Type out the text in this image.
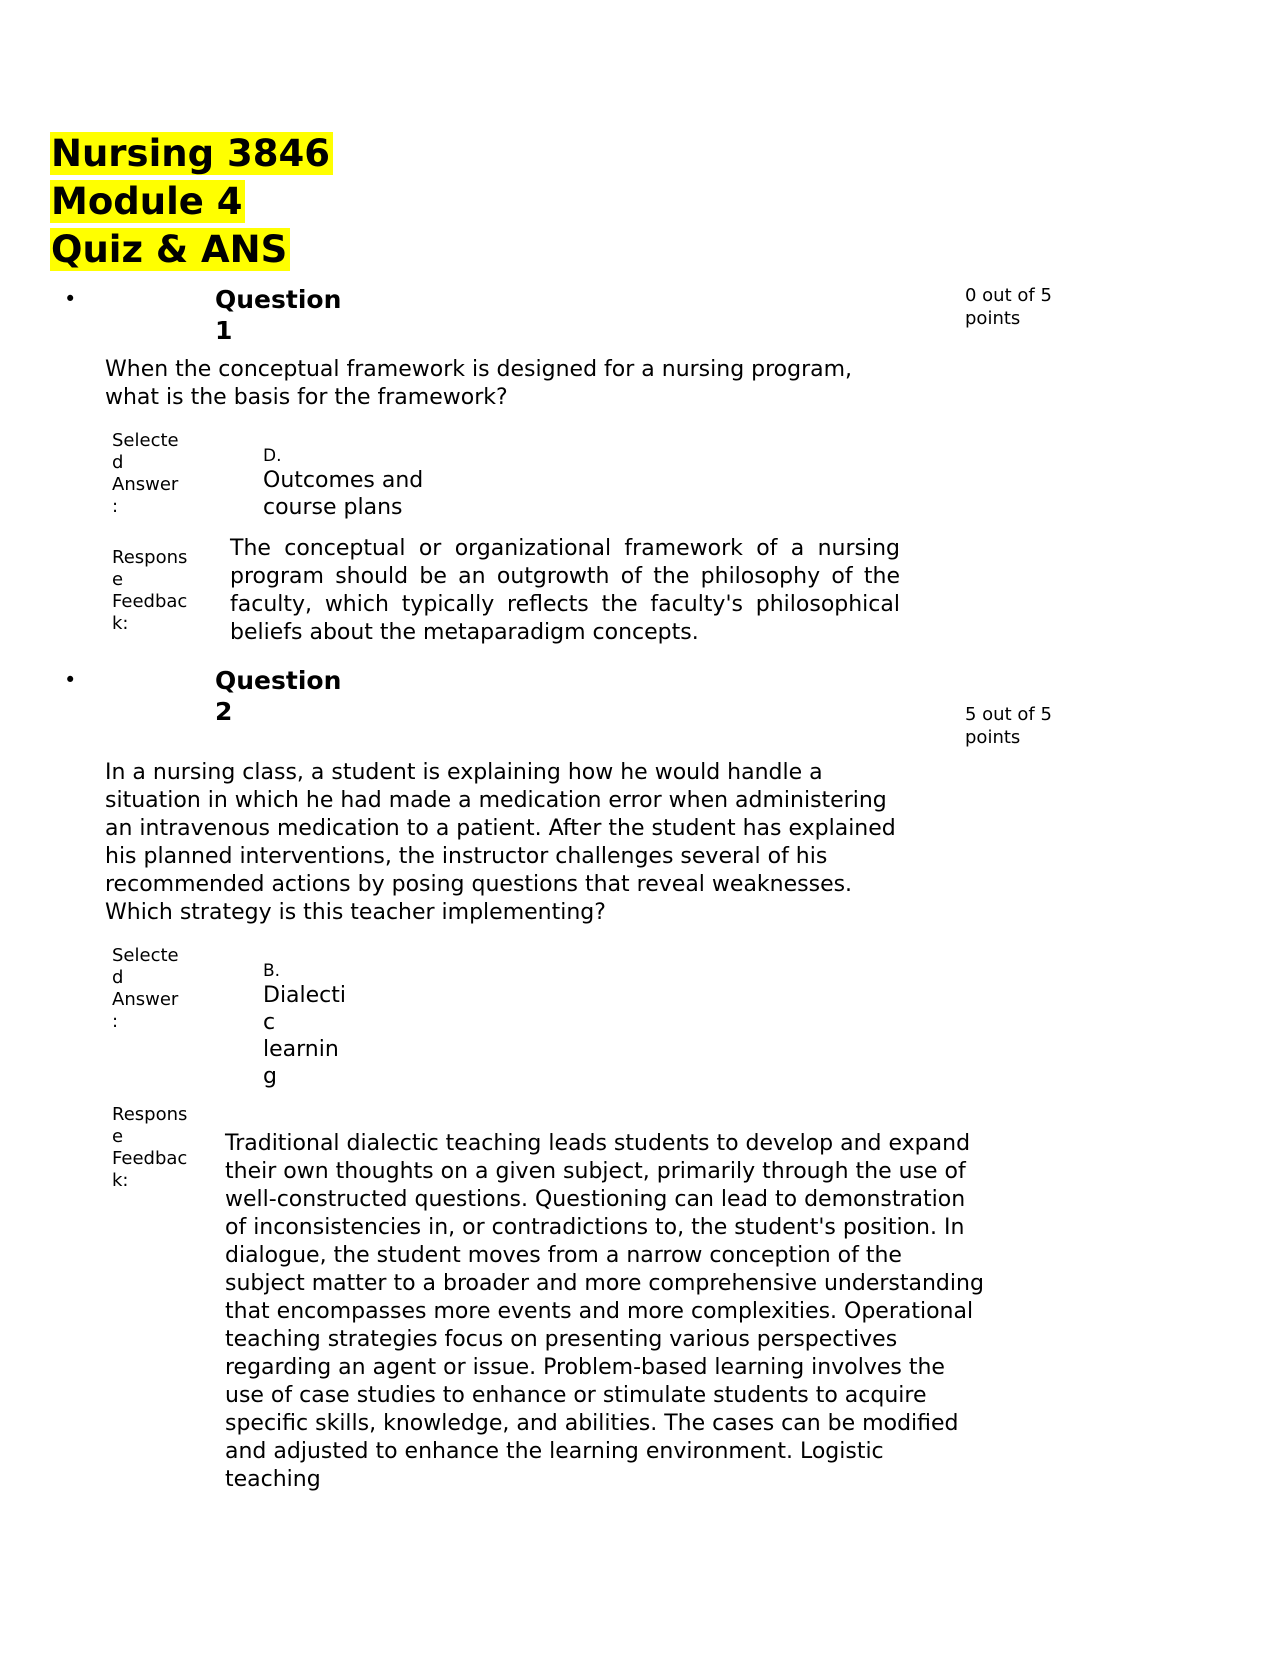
Nursing 3846
Module 4
Quiz & ANS
•	Question
1
0 out of 5 points

When the conceptual framework is designed for a nursing program, what is the basis for the framework?

Selected Answer:
D.
Outcomes and course plans
Response Feedback:
The conceptual or organizational framework of a nursing program should be an outgrowth of the philosophy of the faculty, which typically reflects the faculty's philosophical beliefs about the metaparadigm concepts.
•	Question
2	5 out of 5 points

In a nursing class, a student is explaining how he would handle a situation in which he had made a medication error when administering an intravenous medication to a patient. After the student has explained his planned interventions, the instructor challenges several of his recommended actions by posing questions that reveal weaknesses. Which strategy is this teacher implementing?

Selected Answer:
B.
Dialectic learning
Response Feedback:
Traditional dialectic teaching leads students to develop and expand their own thoughts on a given subject, primarily through the use of well-constructed questions. Questioning can lead to demonstration of inconsistencies in, or contradictions to, the student's position. In dialogue, the student moves from a narrow conception of the subject matter to a broader and more comprehensive understanding that encompasses more events and more complexities. Operational teaching strategies focus on presenting various perspectives regarding an agent or issue. Problem-based learning involves the use of case studies to enhance or stimulate students to acquire specific skills, knowledge, and abilities. The cases can be modified and adjusted to enhance the learning environment. Logistic teaching
